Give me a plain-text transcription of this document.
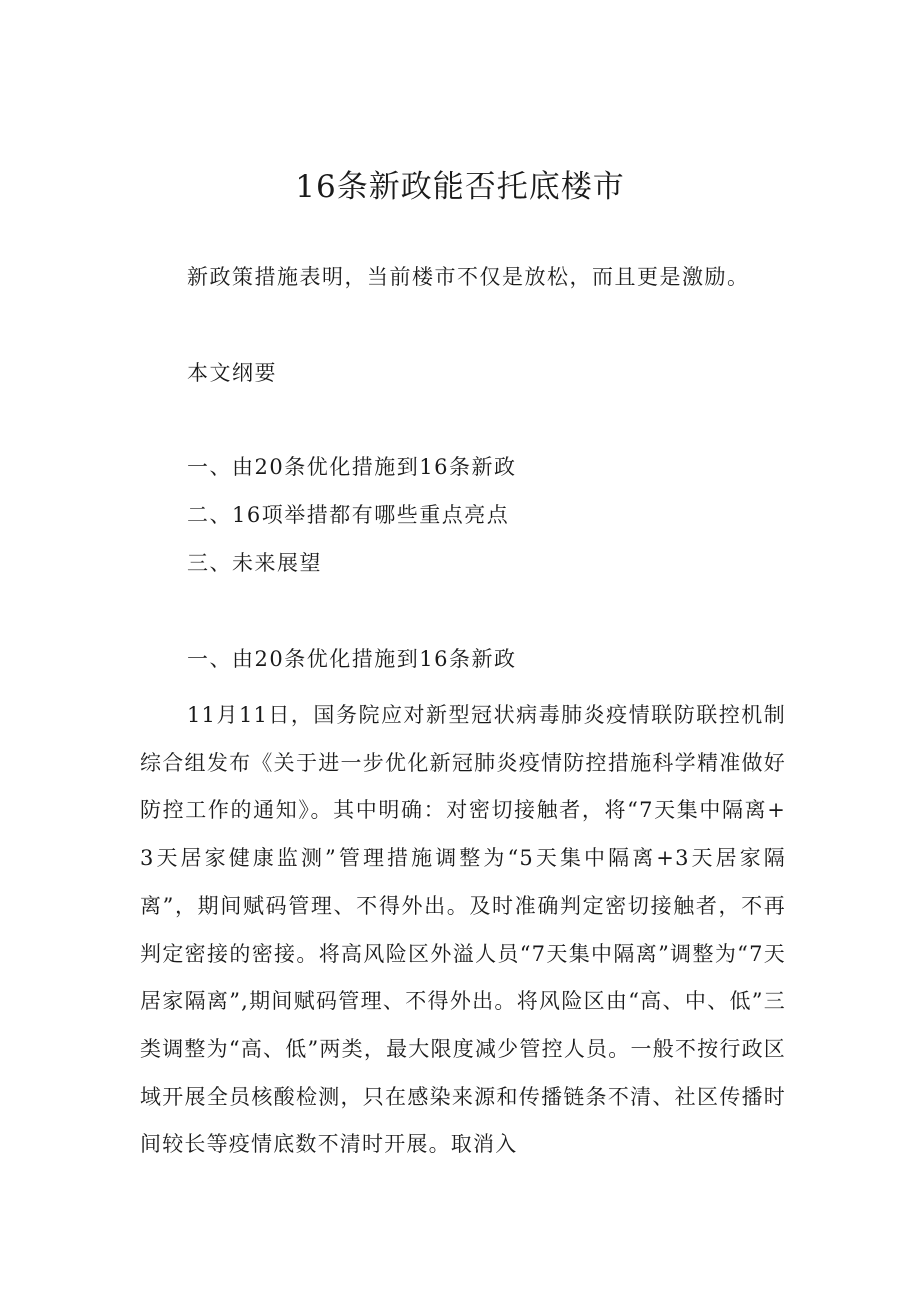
16条新政能否托底楼市
新政策措施表明，当前楼市不仅是放松，而且更是激励。
本文纲要
一、由20条优化措施到16条新政
二、16项举措都有哪些重点亮点
三、未来展望
一、由20条优化措施到16条新政

11月11日，国务院应对新型冠状病毒肺炎疫情联防联控机制综合组发布《关于进一步优化新冠肺炎疫情防控措施科学精准做好防控工作的通知》。其中明确：对密切接触者，将“7天集中隔离+3天居家健康监测”管理措施调整为“5天集中隔离+3天居家隔离”，期间赋码管理、不得外出。及时准确判定密切接触者，不再判定密接的密接。将高风险区外溢人员“7天集中隔离”调整为“7天居家隔离”,期间赋码管理、不得外出。将风险区由“高、中、低”三类调整为“高、低”两类，最大限度减少管控人员。一般不按行政区域开展全员核酸检测，只在感染来源和传播链条不清、社区传播时间较长等疫情底数不清时开展。取消入
